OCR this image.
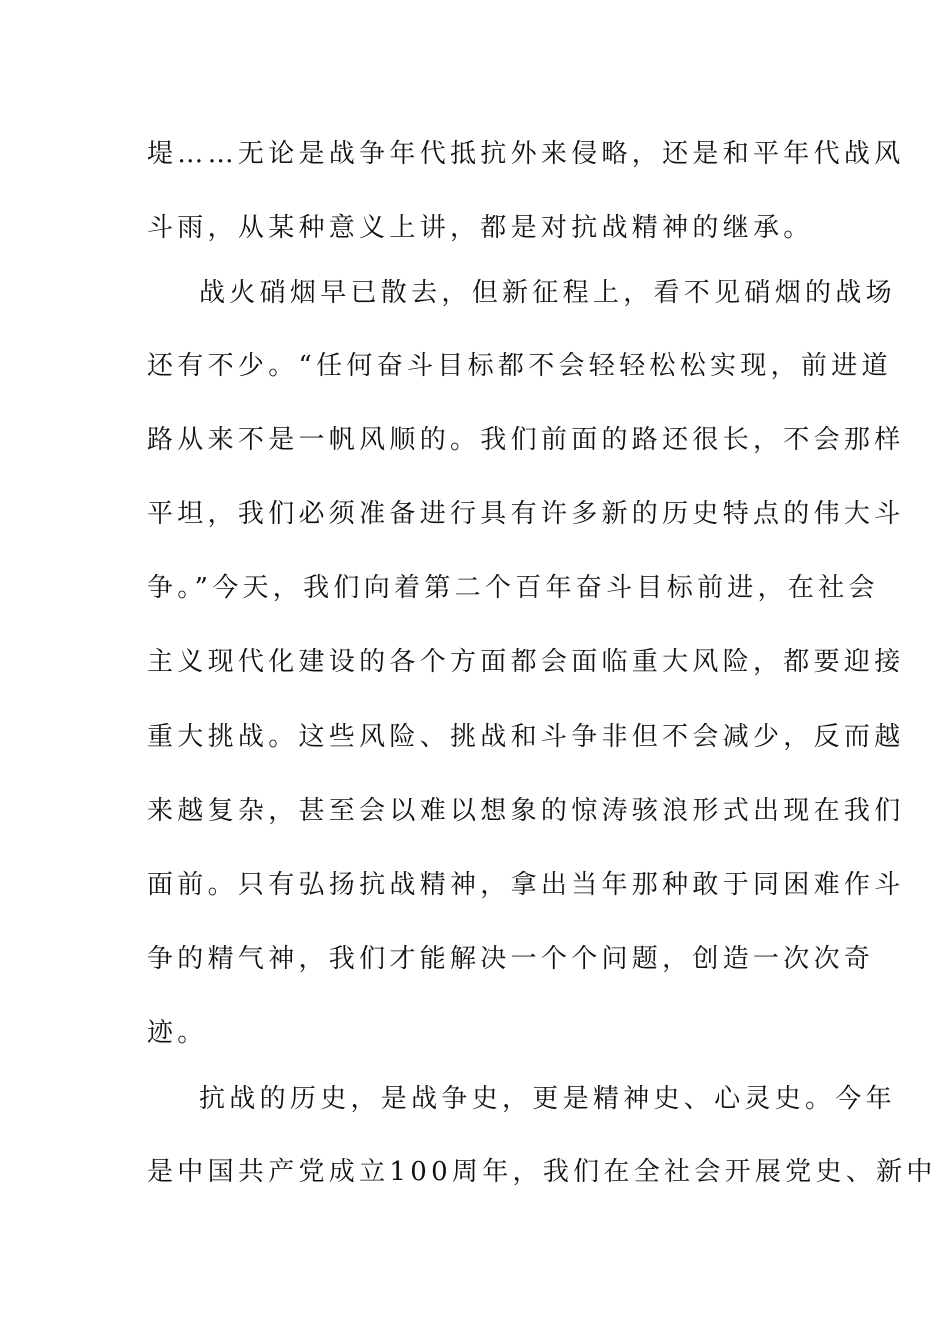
堤……无论是战争年代抵抗外来侵略，还是和平年代战风
斗雨，从某种意义上讲，都是对抗战精神的继承。
战火硝烟早已散去，但新征程上，看不见硝烟的战场
还有不少。“任何奋斗目标都不会轻轻松松实现，前进道
路从来不是一帆风顺的。我们前面的路还很长，不会那样
平坦，我们必须准备进行具有许多新的历史特点的伟大斗
争。”今天，我们向着第二个百年奋斗目标前进，在社会
主义现代化建设的各个方面都会面临重大风险，都要迎接
重大挑战。这些风险、挑战和斗争非但不会减少，反而越
来越复杂，甚至会以难以想象的惊涛骇浪形式出现在我们
面前。只有弘扬抗战精神，拿出当年那种敢于同困难作斗
争的精气神，我们才能解决一个个问题，创造一次次奇
迹。
抗战的历史，是战争史，更是精神史、心灵史。今年
是中国共产党成立100周年，我们在全社会开展党史、新中
